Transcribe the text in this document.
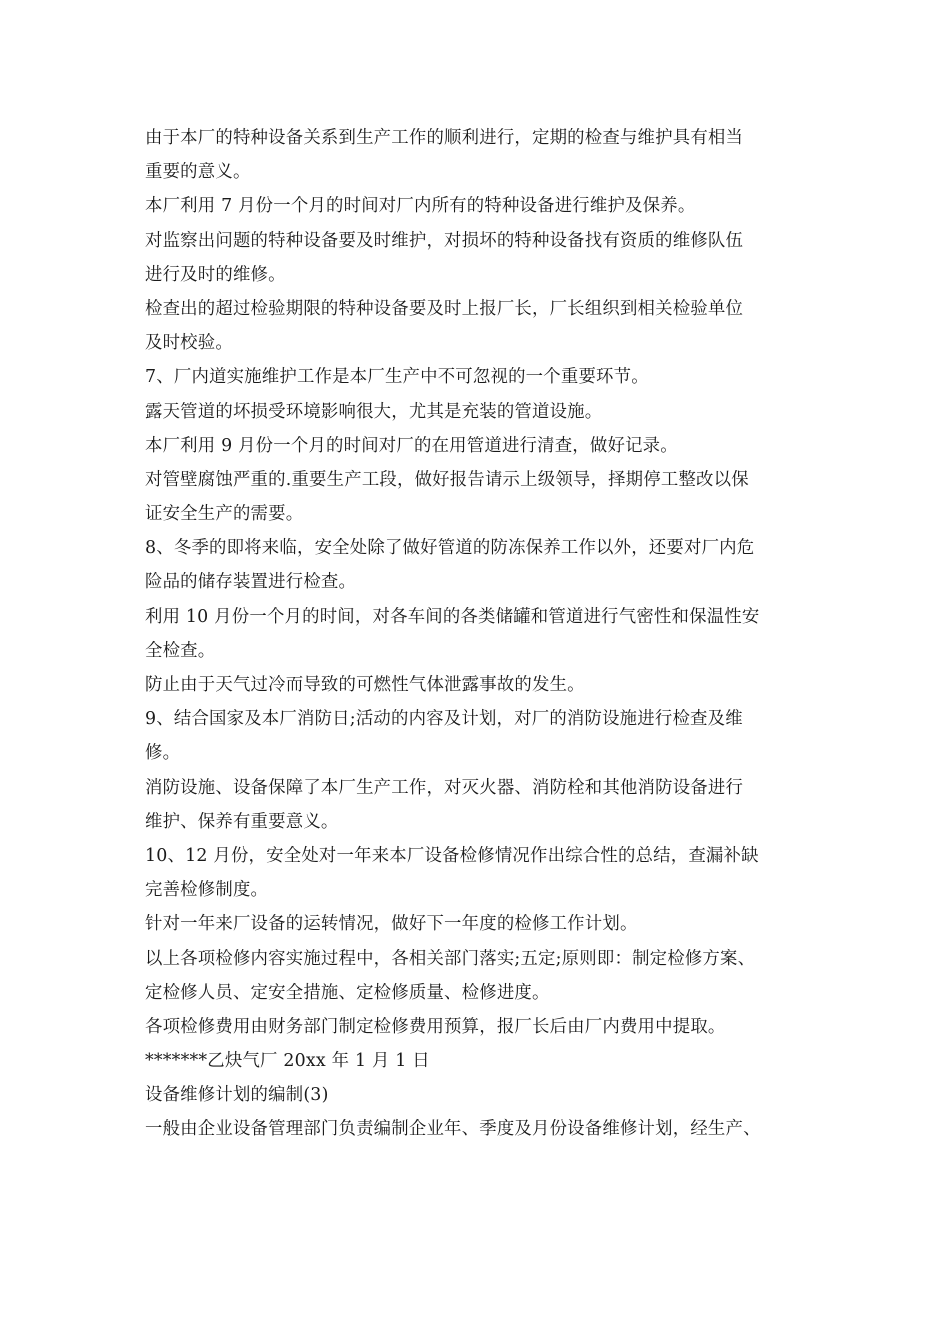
由于本厂的特种设备关系到生产工作的顺利进行，定期的检查与维护具有相当
重要的意义。
本厂利用 7 月份一个月的时间对厂内所有的特种设备进行维护及保养。
对监察出问题的特种设备要及时维护，对损坏的特种设备找有资质的维修队伍
进行及时的维修。
检查出的超过检验期限的特种设备要及时上报厂长，厂长组织到相关检验单位
及时校验。
7、厂内道实施维护工作是本厂生产中不可忽视的一个重要环节。
露天管道的坏损受环境影响很大，尤其是充装的管道设施。
本厂利用 9 月份一个月的时间对厂的在用管道进行清查，做好记录。
对管壁腐蚀严重的.重要生产工段，做好报告请示上级领导，择期停工整改以保
证安全生产的需要。
8、冬季的即将来临，安全处除了做好管道的防冻保养工作以外，还要对厂内危
险品的储存装置进行检查。
利用 10 月份一个月的时间，对各车间的各类储罐和管道进行气密性和保温性安
全检查。
防止由于天气过冷而导致的可燃性气体泄露事故的发生。
9、结合国家及本厂消防日;活动的内容及计划，对厂的消防设施进行检查及维
修。
消防设施、设备保障了本厂生产工作，对灭火器、消防栓和其他消防设备进行
维护、保养有重要意义。
10、12 月份，安全处对一年来本厂设备检修情况作出综合性的总结，查漏补缺
完善检修制度。
针对一年来厂设备的运转情况，做好下一年度的检修工作计划。
以上各项检修内容实施过程中，各相关部门落实;五定;原则即：制定检修方案、
定检修人员、定安全措施、定检修质量、检修进度。
各项检修费用由财务部门制定检修费用预算，报厂长后由厂内费用中提取。
*******乙炔气厂 20xx 年 1 月 1 日
设备维修计划的编制(3)
一般由企业设备管理部门负责编制企业年、季度及月份设备维修计划，经生产、
